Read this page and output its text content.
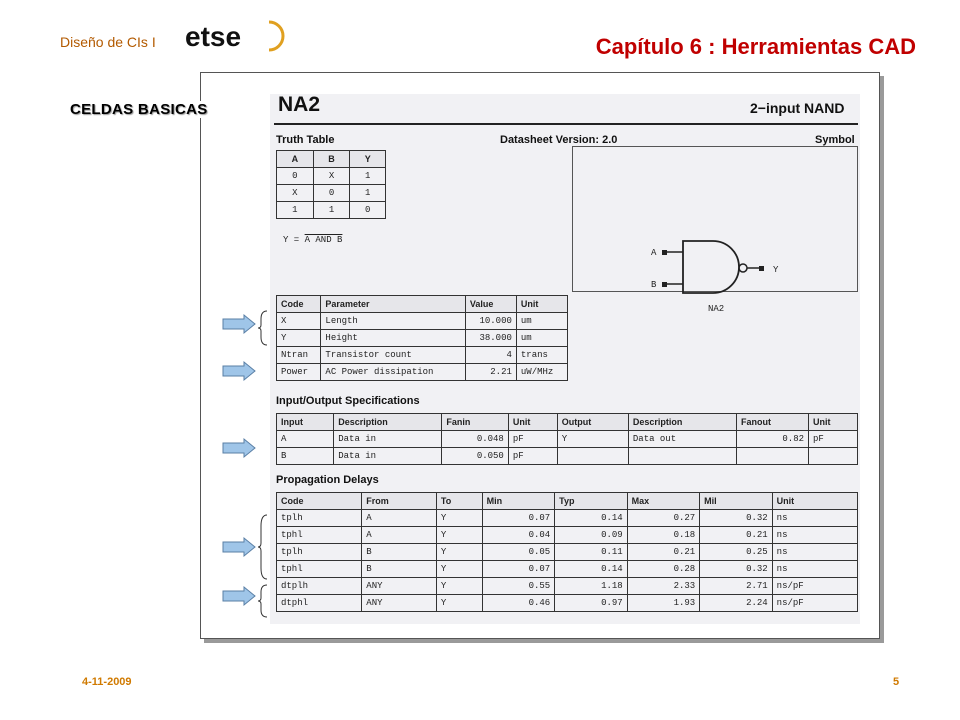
Diseño de CIs I etse	Capítulo 6 : Herramientas CAD
CELDAS BASICAS	NA2	2−input NAND
Truth Table	Datasheet Version: 2.0	Symbol
A	B	Y
0	X	1
X	0	1
1	1	0
Y = A AND B
A
B
Y
NA2
Code	Parameter	Value	Unit
X	Length	10.000	um
Y	Height	38.000	um
Ntran	Transistor count	4	trans
Power	AC Power dissipation	2.21	uW/MHz
Input/Output Specifications
Input	Description	Fanin	Unit	Output	Description	Fanout	Unit
A	Data in	0.048	pF	Y	Data out	0.82	pF
B	Data in	0.050	pF				
Propagation Delays
Code	From	To	Min	Typ	Max	Mil	Unit
tplh	A	Y	0.07	0.14	0.27	0.32	ns
tphl	A	Y	0.04	0.09	0.18	0.21	ns
tplh	B	Y	0.05	0.11	0.21	0.25	ns
tphl	B	Y	0.07	0.14	0.28	0.32	ns
dtplh	ANY	Y	0.55	1.18	2.33	2.71	ns/pF
dtphl	ANY	Y	0.46	0.97	1.93	2.24	ns/pF
4-11-2009	5
